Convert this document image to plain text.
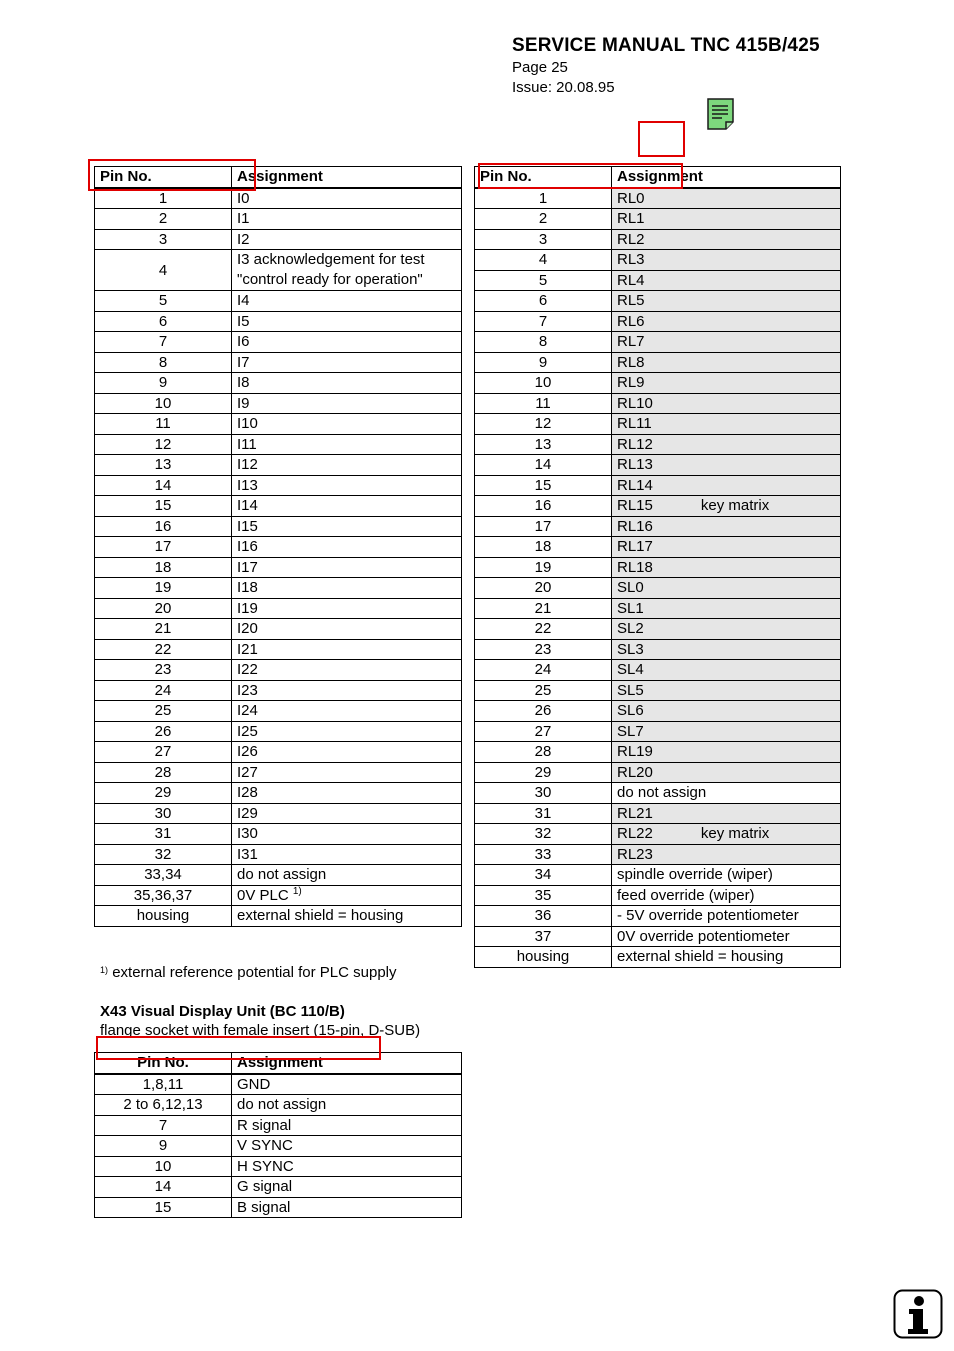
SERVICE MANUAL TNC 415B/425
Page 25
Issue: 20.08.95
Pin No.	Assignment
1	I0
2	I1
3	I2
4	I3 acknowledgement for test "control ready for operation"
5	I4
6	I5
7	I6
8	I7
9	I8
10	I9
11	I10
12	I11
13	I12
14	I13
15	I14
16	I15
17	I16
18	I17
19	I18
20	I19
21	I20
22	I21
23	I22
24	I23
25	I24
26	I25
27	I26
28	I27
29	I28
30	I29
31	I30
32	I31
33,34	do not assign
35,36,37	0V PLC $^{1)}$
housing	external shield = housing
Pin No.	Assignment
1	RL0
2	RL1
3	RL2
4	RL3
5	RL4
6	RL5
7	RL6
8	RL7
9	RL8
10	RL9
11	RL10
12	RL11
13	RL12
14	RL13
15	RL14
16	RL15 key matrix
17	RL16
18	RL17
19	RL18
20	SL0
21	SL1
22	SL2
23	SL3
24	SL4
25	SL5
26	SL6
27	SL7
28	RL19
29	RL20
30	do not assign
31	RL21
32	RL22 key matrix
33	RL23
34	spindle override (wiper)
35	feed override (wiper)
36	- 5V override potentiometer
37	0V override potentiometer
housing	external shield = housing
$^{1)}$ external reference potential for PLC supply
X43 Visual Display Unit (BC 110/B)
flange socket with female insert (15-pin, D-SUB)
Pin No.	Assignment
1,8,11	GND
2 to 6,12,13	do not assign
7	R signal
9	V SYNC
10	H SYNC
14	G signal
15	B signal
